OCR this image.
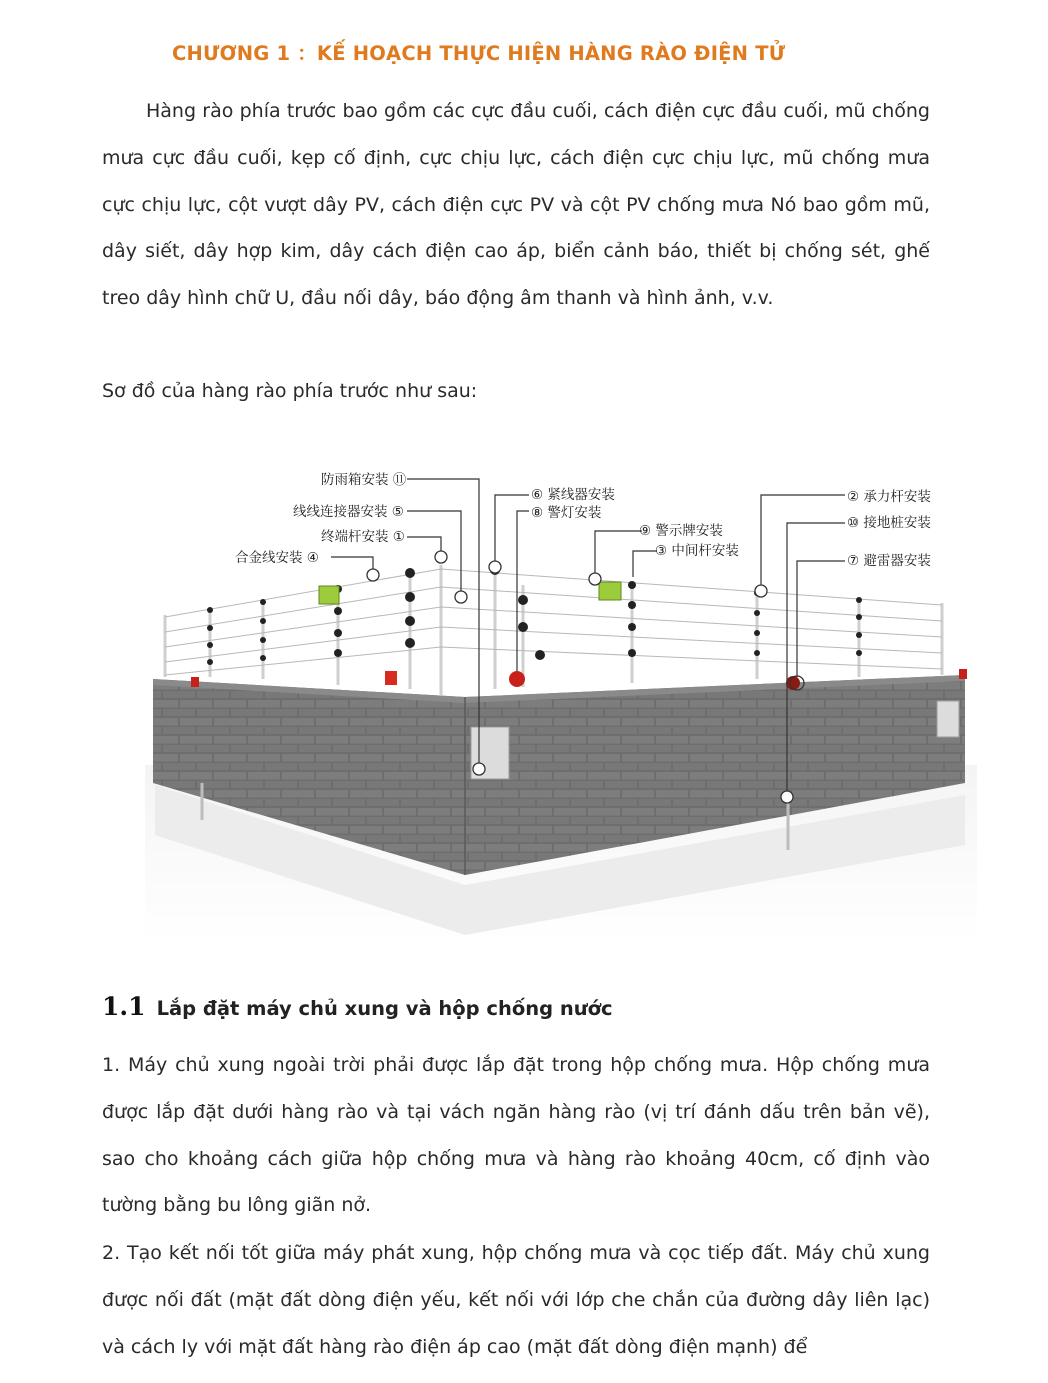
CHƯƠNG 1 ：KẾ HOẠCH THỰC HIỆN HÀNG RÀO ĐIỆN TỬ

Hàng rào phía trước bao gồm các cực đầu cuối, cách điện cực đầu cuối, mũ chống mưa cực đầu cuối, kẹp cố định, cực chịu lực, cách điện cực chịu lực, mũ chống mưa cực chịu lực, cột vượt dây PV, cách điện cực PV và cột PV chống mưa Nó bao gồm mũ, dây siết, dây hợp kim, dây cách điện cao áp, biển cảnh báo, thiết bị chống sét, ghế treo dây hình chữ U, đầu nối dây, báo động âm thanh và hình ảnh, v.v.

Sơ đồ của hàng rào phía trước như sau:

防雨箱安装 ⑪
线线连接器安装 ⑤
终端杆安装 ①
合金线安装 ④
⑥ 紧线器安装
⑧ 警灯安装
⑨ 警示牌安装
③ 中间杆安装
② 承力杆安装
⑩ 接地桩安装
⑦ 避雷器安装
1.1 Lắp đặt máy chủ xung và hộp chống nước

1. Máy chủ xung ngoài trời phải được lắp đặt trong hộp chống mưa. Hộp chống mưa được lắp đặt dưới hàng rào và tại vách ngăn hàng rào (vị trí đánh dấu trên bản vẽ), sao cho khoảng cách giữa hộp chống mưa và hàng rào khoảng 40cm, cố định vào tường bằng bu lông giãn nở.

2. Tạo kết nối tốt giữa máy phát xung, hộp chống mưa và cọc tiếp đất. Máy chủ xung được nối đất (mặt đất dòng điện yếu, kết nối với lớp che chắn của đường dây liên lạc) và cách ly với mặt đất hàng rào điện áp cao (mặt đất dòng điện mạnh) để
